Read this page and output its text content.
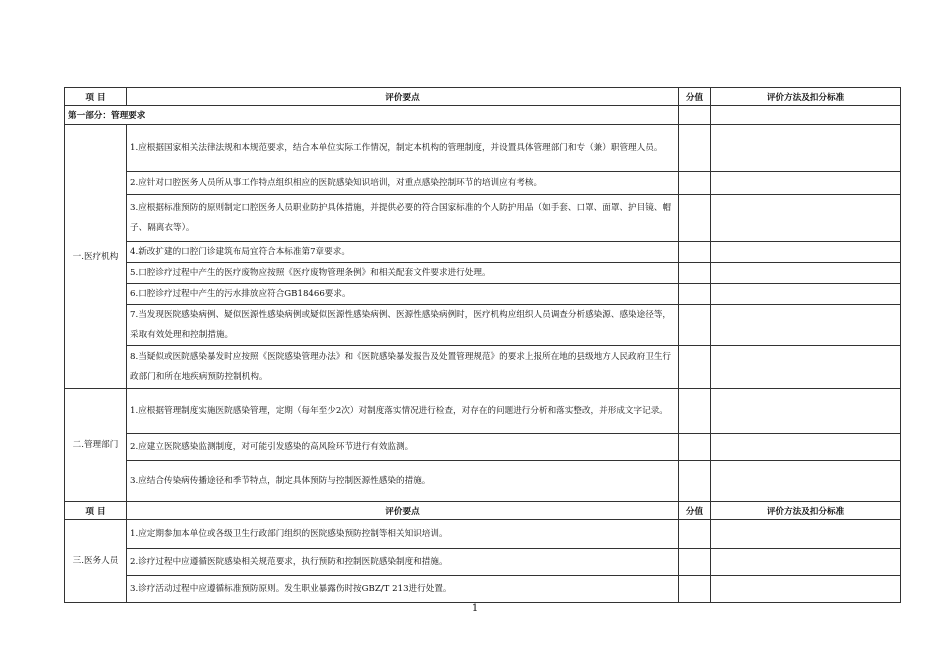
项 目	评价要点	分值	评价方法及扣分标准
第一部分：管理要求			
一.医疗机构	1.应根据国家相关法律法规和本规范要求，结合本单位实际工作情况，制定本机构的管理制度，并设置具体管理部门和专（兼）职管理人员。		
	2.应针对口腔医务人员所从事工作特点组织相应的医院感染知识培训，对重点感染控制环节的培训应有考核。		
	3.应根据标准预防的原则制定口腔医务人员职业防护具体措施，并提供必要的符合国家标准的个人防护用品（如手套、口罩、面罩、护目镜、帽子、隔离衣等）。		
	4.新改扩建的口腔门诊建筑布局宜符合本标准第7章要求。		
	5.口腔诊疗过程中产生的医疗废物应按照《医疗废物管理条例》和相关配套文件要求进行处理。		
	6.口腔诊疗过程中产生的污水排放应符合GB18466要求。		
	7.当发现医院感染病例、疑似医源性感染病例或疑似医源性感染病例、医源性感染病例时，医疗机构应组织人员调查分析感染源、感染途径等，采取有效处理和控制措施。		
	8.当疑似或医院感染暴发时应按照《医院感染管理办法》和《医院感染暴发报告及处置管理规范》的要求上报所在地的县级地方人民政府卫生行政部门和所在地疾病预防控制机构。		
二.管理部门	1.应根据管理制度实施医院感染管理，定期（每年至少2次）对制度落实情况进行检查，对存在的问题进行分析和落实整改，并形成文字记录。		
	2.应建立医院感染监测制度，对可能引发感染的高风险环节进行有效监测。		
	3.应结合传染病传播途径和季节特点，制定具体预防与控制医源性感染的措施。		
项 目	评价要点	分值	评价方法及扣分标准
三.医务人员	1.应定期参加本单位或各级卫生行政部门组织的医院感染预防控制等相关知识培训。		
	2.诊疗过程中应遵循医院感染相关规范要求，执行预防和控制医院感染制度和措施。		
	3.诊疗活动过程中应遵循标准预防原则。发生职业暴露伤时按GBZ/T 213进行处置。		
1
